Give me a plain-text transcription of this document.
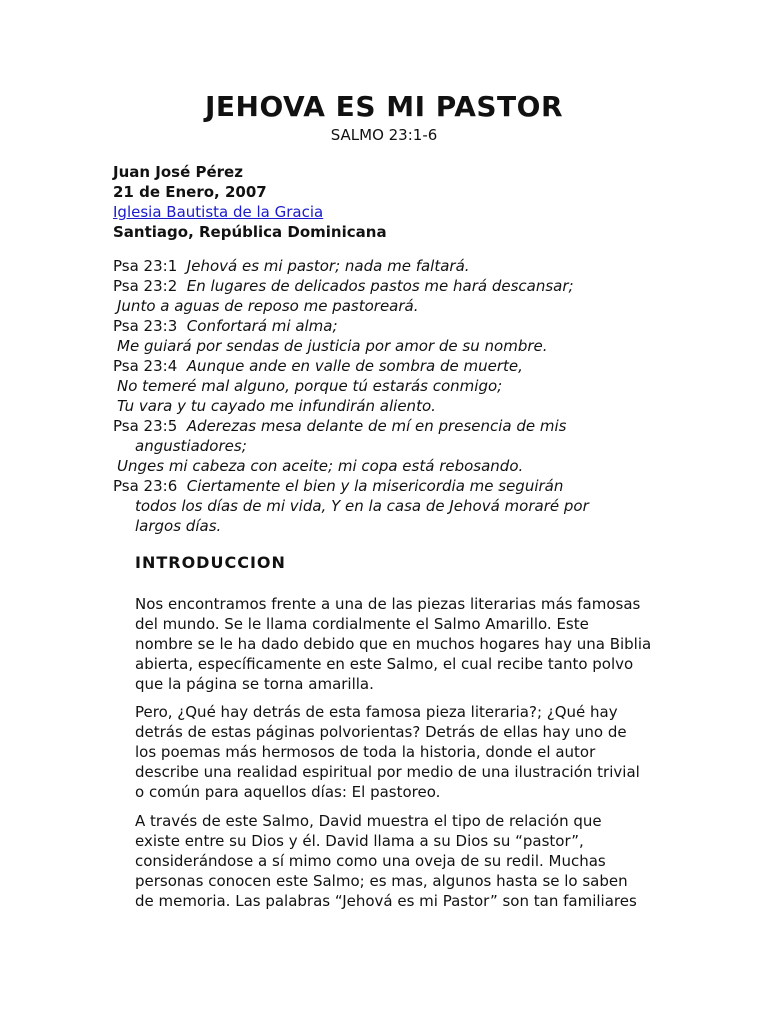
JEHOVA ES MI PASTOR

SALMO 23:1-6

Juan José Pérez
21 de Enero, 2007
Iglesia Bautista de la Gracia
Santiago, República Dominicana
Psa 23:1 Jehová es mi pastor; nada me faltará.
Psa 23:2 En lugares de delicados pastos me hará descansar;
Junto a aguas de reposo me pastoreará.
Psa 23:3 Confortará mi alma;
Me guiará por sendas de justicia por amor de su nombre.
Psa 23:4 Aunque ande en valle de sombra de muerte,
No temeré mal alguno, porque tú estarás conmigo;
Tu vara y tu cayado me infundirán aliento.
Psa 23:5 Aderezas mesa delante de mí en presencia de mis
angustiadores;
Unges mi cabeza con aceite; mi copa está rebosando.
Psa 23:6 Ciertamente el bien y la misericordia me seguirán
todos los días de mi vida, Y en la casa de Jehová moraré por
largos días.
INTRODUCCION
Nos encontramos frente a una de las piezas literarias más famosas
del mundo. Se le llama cordialmente el Salmo Amarillo. Este
nombre se le ha dado debido que en muchos hogares hay una Biblia
abierta, específicamente en este Salmo, el cual recibe tanto polvo
que la página se torna amarilla.
Pero, ¿Qué hay detrás de esta famosa pieza literaria?; ¿Qué hay
detrás de estas páginas polvorientas? Detrás de ellas hay uno de
los poemas más hermosos de toda la historia, donde el autor
describe una realidad espiritual por medio de una ilustración trivial
o común para aquellos días: El pastoreo.
A través de este Salmo, David muestra el tipo de relación que
existe entre su Dios y él. David llama a su Dios su “pastor”,
considerándose a sí mimo como una oveja de su redil. Muchas
personas conocen este Salmo; es mas, algunos hasta se lo saben
de memoria. Las palabras “Jehová es mi Pastor” son tan familiares
